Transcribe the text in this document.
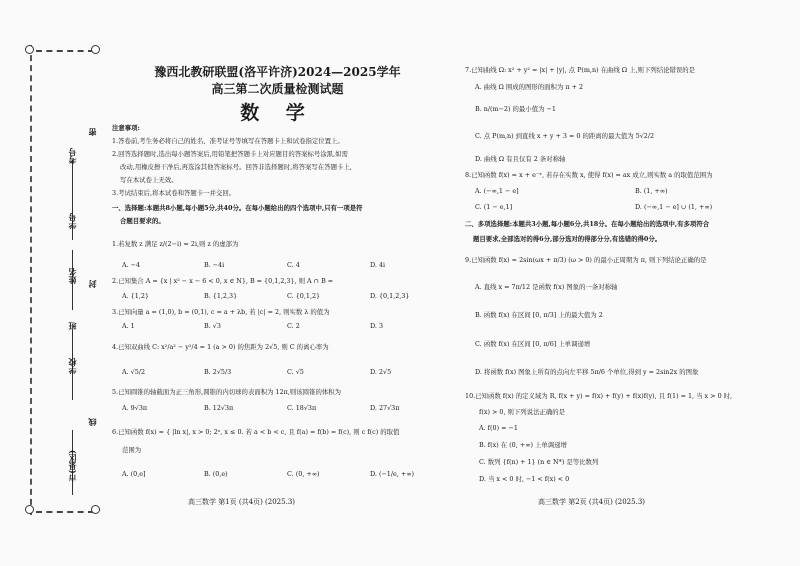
考号
学号
姓名
班
学校
市(县区)
密
封
线
豫西北教研联盟(洛平许济)2024—2025学年
高三第二次质量检测试题
数 学
注意事项:
1.答卷前,考生务必将自己的姓名、准考证号等填写在答题卡上和试卷指定位置上。
2.回答选择题时,选出每小题答案后,用铅笔把答题卡上对应题目的答案标号涂黑,如需
改动,用橡皮擦干净后,再选涂其他答案标号。回答非选择题时,将答案写在答题卡上,
写在本试卷上无效。
3.考试结束后,将本试卷和答题卡一并交回。
一、选择题:本题共8小题,每小题5分,共40分。在每小题给出的四个选项中,只有一项是符
合题目要求的。
1.若复数 z 满足 z/(2−i) = 2i,则 z 的虚部为
A. −4	B. −4i	C. 4	D. 4i
2.已知集合 A = {x | x² − x − 6 < 0, x ∈ N}, B = {0,1,2,3}, 则 A ∩ B =
A. {1,2}	B. {1,2,3}	C. {0,1,2}	D. {0,1,2,3}
3.已知向量 a = (1,0), b = (0,1), c = a + λb, 若 |c| = 2, 则实数 λ 的值为
A. 1	B. √3	C. 2	D. 3
4.已知双曲线 C: x²/a² − y²/4 = 1 (a > 0) 的焦距为 2√5, 则 C 的离心率为
A. √5/2	B. 2√5/3	C. √5	D. 2√5
5.已知圆锥的轴截面为正三角形,圆锥的内切球的表面积为 12π,则该圆锥的体积为
A. 9√3π	B. 12√3π	C. 18√3π	D. 27√3π
6.已知函数 f(x) = { |ln x|, x > 0; 2ˣ, x ≤ 0. 若 a < b < c, 且 f(a) = f(b) = f(c), 则 c f(c) 的取值
范围为
A. (0,e]	B. (0,e)	C. (0, +∞)	D. (−1/e, +∞)
高三数学 第1页 (共4页) (2025.3)
7.已知曲线 Ω: x² + y² = |x| + |y|, 点 P(m,n) 在曲线 Ω 上,则下列结论错误的是
A. 曲线 Ω 围成的图形的面积为 π + 2
B. n/(m−2) 的最小值为 −1
C. 点 P(m,n) 到直线 x + y + 3 = 0 的距离的最大值为 5√2/2
D. 曲线 Ω 有且仅有 2 条对称轴
8.已知函数 f(x) = x + e⁻ˣ, 若存在实数 x, 使得 f(x) = ax 成立,则实数 a 的取值范围为
A. (−∞,1 − e]	B. (1, +∞)
C. (1 − e,1]	D. (−∞,1 − e] ∪ (1, +∞)
二、多项选择题:本题共3小题,每小题6分,共18分。在每小题给出的选项中,有多项符合
题目要求,全部选对的得6分,部分选对的得部分分,有选错的得0分。
9.已知函数 f(x) = 2sin(ωx + π/3) (ω > 0) 的最小正周期为 π, 则下列结论正确的是
A. 直线 x = 7π/12 是函数 f(x) 图象的一条对称轴
B. 函数 f(x) 在区间 [0, π/3] 上的最大值为 2
C. 函数 f(x) 在区间 [0, π/6] 上单调递增
D. 将函数 f(x) 图象上所有的点向左平移 5π/6 个单位,得到 y = 2sin2x 的图象
10.已知函数 f(x) 的定义域为 R, f(x + y) = f(x) + f(y) + f(x)f(y), 且 f(1) = 1, 当 x > 0 时,
f(x) > 0, 则下列说法正确的是
A. f(0) = −1
B. f(x) 在 (0, +∞) 上单调递增
C. 数列 {f(n) + 1} (n ∈ N*) 是等比数列
D. 当 x < 0 时, −1 < f(x) < 0
高三数学 第2页 (共4页) (2025.3)
